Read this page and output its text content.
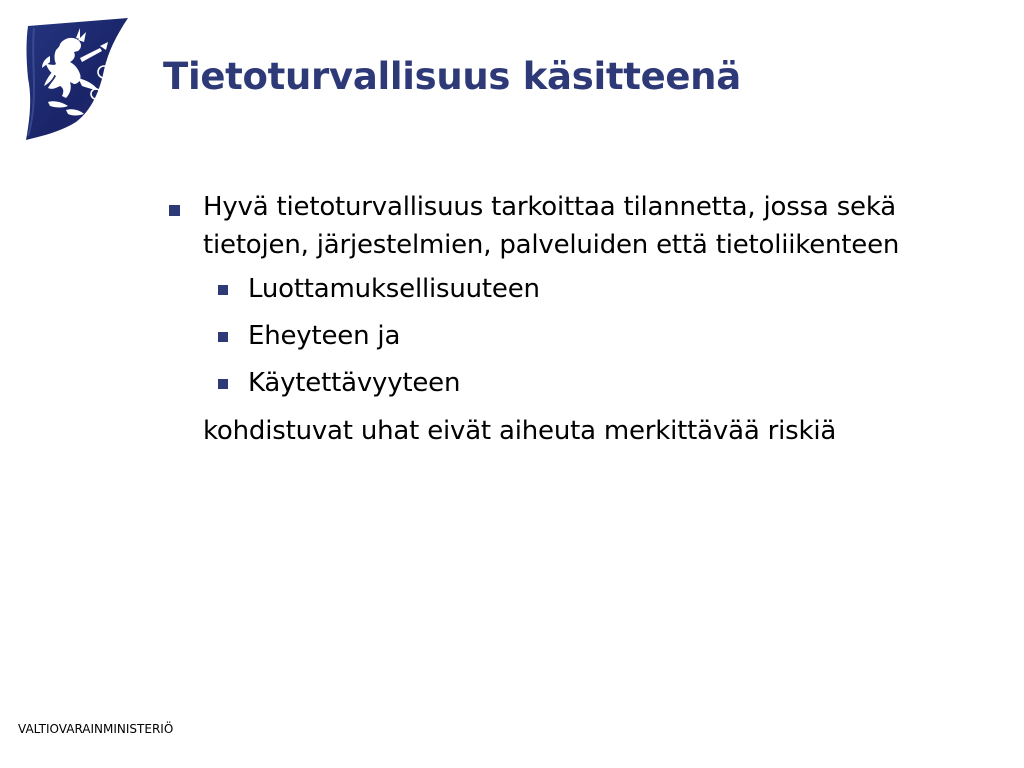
Tietoturvallisuus käsitteenä
Hyvä tietoturvallisuus tarkoittaa tilannetta, jossa sekä tietojen, järjestelmien, palveluiden että tietoliikenteen
Luottamuksellisuuteen
Eheyteen ja
Käytettävyyteen
kohdistuvat uhat eivät aiheuta merkittävää riskiä
VALTIOVARAINMINISTERIÖ
